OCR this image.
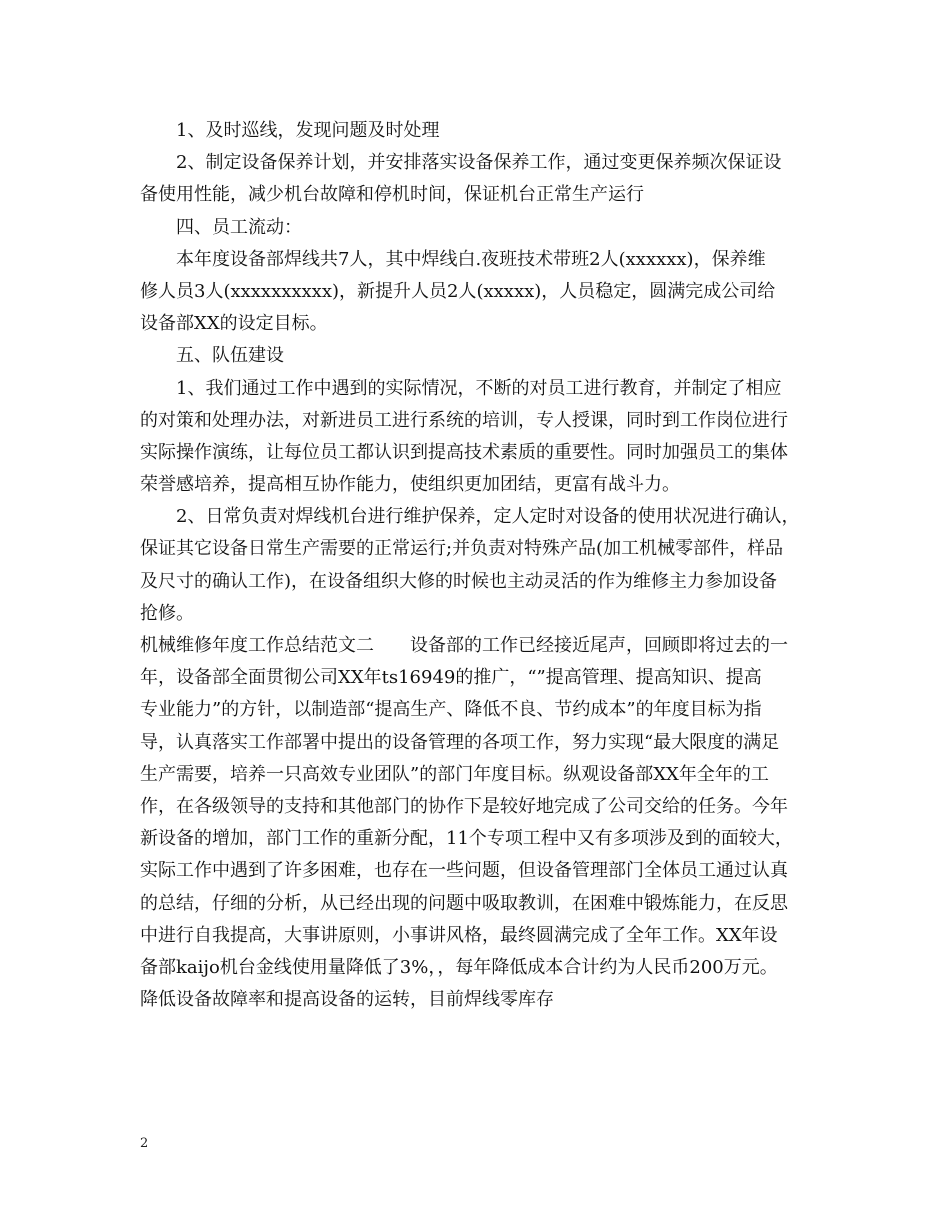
1、及时巡线，发现问题及时处理
2、制定设备保养计划，并安排落实设备保养工作，通过变更保养频次保证设
备使用性能，减少机台故障和停机时间，保证机台正常生产运行
四、员工流动：
本年度设备部焊线共7人，其中焊线白.夜班技术带班2人(xxxxxx)，保养维
修人员3人(xxxxxxxxxx)，新提升人员2人(xxxxx)，人员稳定，圆满完成公司给
设备部XX的设定目标。
五、队伍建设
1、我们通过工作中遇到的实际情况，不断的对员工进行教育，并制定了相应
的对策和处理办法，对新进员工进行系统的培训，专人授课，同时到工作岗位进行
实际操作演练，让每位员工都认识到提高技术素质的重要性。同时加强员工的集体
荣誉感培养，提高相互协作能力，使组织更加团结，更富有战斗力。
2、日常负责对焊线机台进行维护保养，定人定时对设备的使用状况进行确认，
保证其它设备日常生产需要的正常运行;并负责对特殊产品(加工机械零部件，样品
及尺寸的确认工作)，在设备组织大修的时候也主动灵活的作为维修主力参加设备
抢修。
机械维修年度工作总结范文二　　设备部的工作已经接近尾声，回顾即将过去的一
年，设备部全面贯彻公司XX年ts16949的推广，“”提高管理、提高知识、提高
专业能力”的方针，以制造部“提高生产、降低不良、节约成本”的年度目标为指
导，认真落实工作部署中提出的设备管理的各项工作，努力实现“最大限度的满足
生产需要，培养一只高效专业团队”的部门年度目标。纵观设备部XX年全年的工
作，在各级领导的支持和其他部门的协作下是较好地完成了公司交给的任务。今年
新设备的增加，部门工作的重新分配，11个专项工程中又有多项涉及到的面较大，
实际工作中遇到了许多困难，也存在一些问题，但设备管理部门全体员工通过认真
的总结，仔细的分析，从已经出现的问题中吸取教训，在困难中锻炼能力，在反思
中进行自我提高，大事讲原则，小事讲风格，最终圆满完成了全年工作。XX年设
备部kaijo机台金线使用量降低了3%，，每年降低成本合计约为人民币200万元。
降低设备故障率和提高设备的运转，目前焊线零库存
2
